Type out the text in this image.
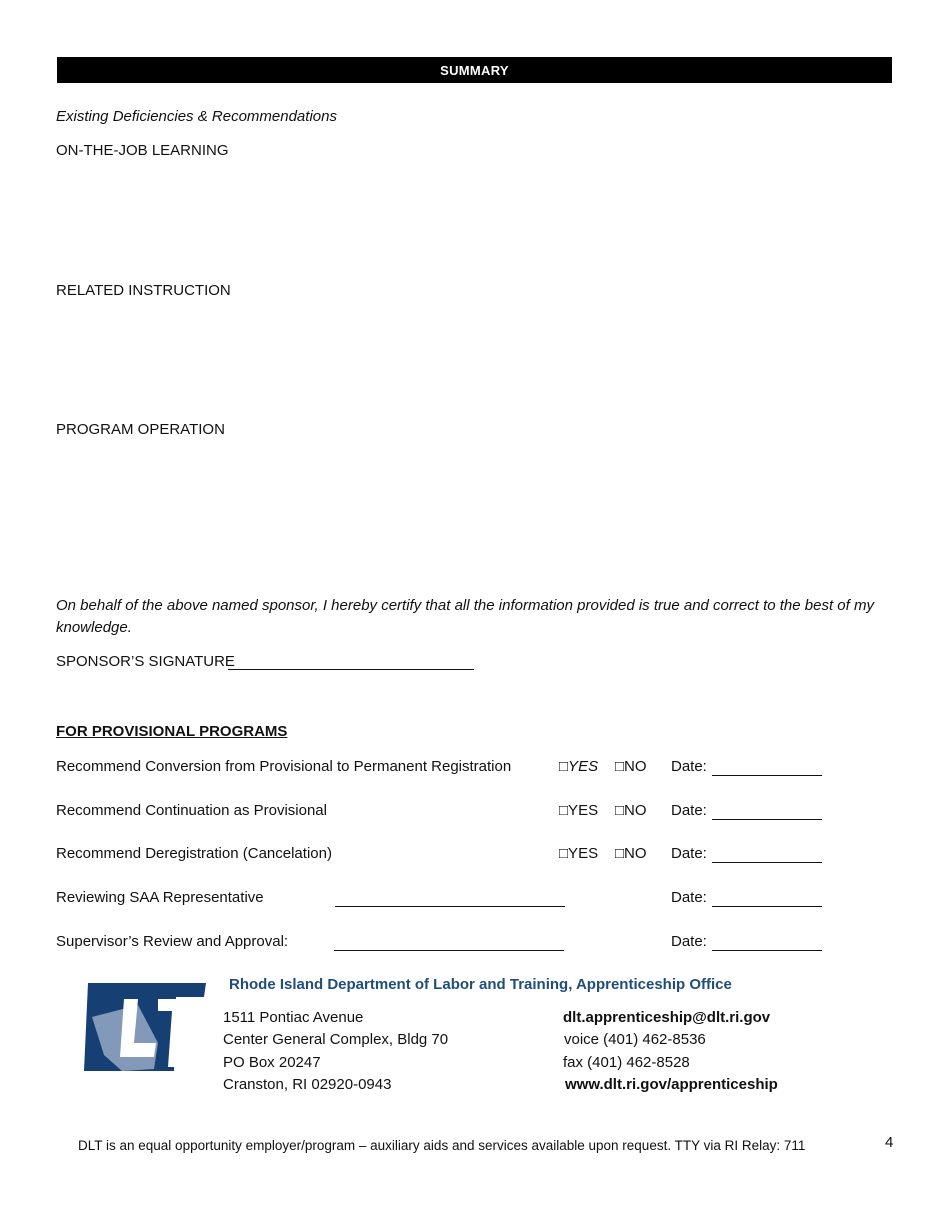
SUMMARY
Existing Deficiencies & Recommendations
ON-THE-JOB LEARNING
RELATED INSTRUCTION
PROGRAM OPERATION
On behalf of the above named sponsor, I hereby certify that all the information provided is true and correct to the best of my knowledge.
SPONSOR’S SIGNATURE
FOR PROVISIONAL PROGRAMS
Recommend Conversion from Provisional to Permanent Registration	□YES □NO Date:
Recommend Continuation as Provisional	□YES □NO Date:
Recommend Deregistration (Cancelation)	□YES □NO Date:
Reviewing SAA Representative	Date:
Supervisor’s Review and Approval:	Date:
Rhode Island Department of Labor and Training, Apprenticeship Office
1511 Pontiac Avenue
Center General Complex, Bldg 70
PO Box 20247
Cranston, RI 02920-0943
dlt.apprenticeship@dlt.ri.gov
voice (401) 462-8536
fax (401) 462-8528
www.dlt.ri.gov/apprenticeship
DLT is an equal opportunity employer/program – auxiliary aids and services available upon request. TTY via RI Relay: 711	4
